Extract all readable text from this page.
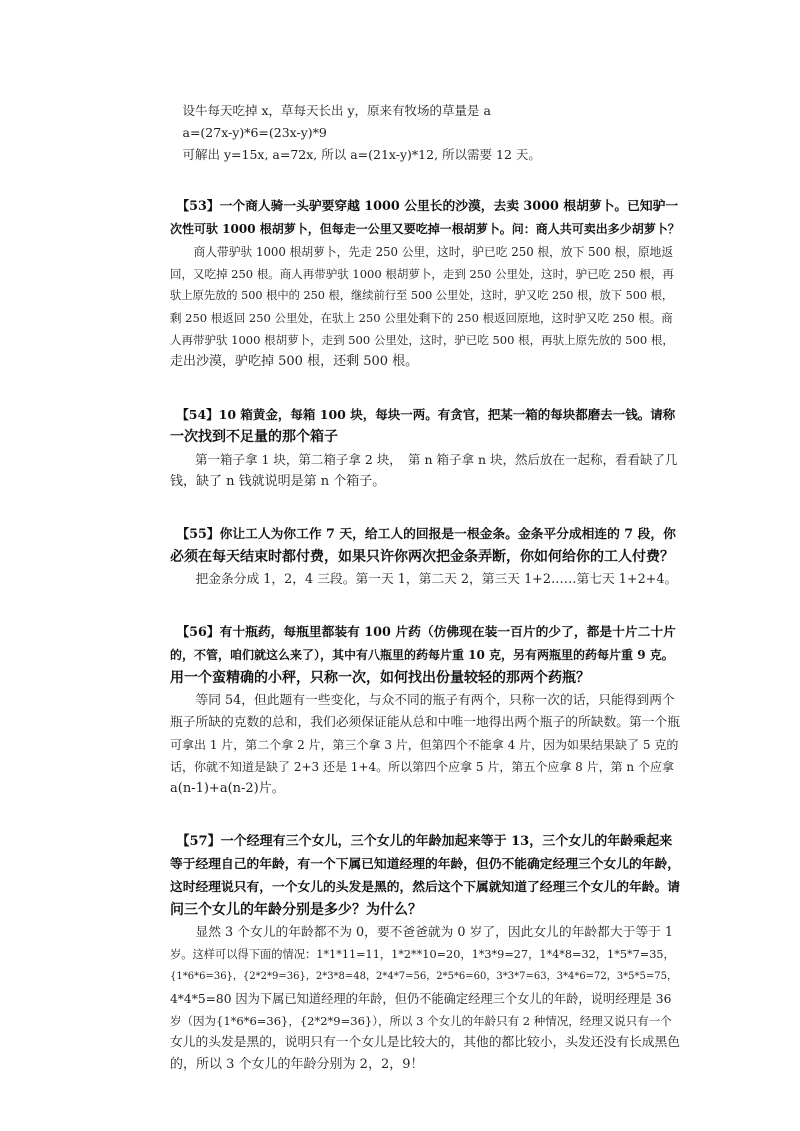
　设牛每天吃掉 x，草每天长出 y，原来有牧场的草量是 a
　a=(27x-y)*6=(23x-y)*9
　可解出 y=15x, a=72x, 所以 a=(21x-y)*12, 所以需要 12 天。
　【53】一个商人骑一头驴要穿越 1000 公里长的沙漠，去卖 3000 根胡萝卜。已知驴一
次性可驮 1000 根胡萝卜，但每走一公里又要吃掉一根胡萝卜。问：商人共可卖出多少胡萝卜？
　　商人带驴驮 1000 根胡萝卜，先走 250 公里，这时，驴已吃 250 根，放下 500 根，原地返
回，又吃掉 250 根。商人再带驴驮 1000 根胡萝卜，走到 250 公里处，这时，驴已吃 250 根，再
驮上原先放的 500 根中的 250 根，继续前行至 500 公里处，这时，驴又吃 250 根，放下 500 根，
剩 250 根返回 250 公里处，在驮上 250 公里处剩下的 250 根返回原地，这时驴又吃 250 根。商
人再带驴驮 1000 根胡萝卜，走到 500 公里处，这时，驴已吃 500 根，再驮上原先放的 500 根，
走出沙漠，驴吃掉 500 根，还剩 500 根。
　【54】10 箱黄金，每箱 100 块，每块一两。有贪官，把某一箱的每块都磨去一钱。请称
一次找到不足量的那个箱子
　　第一箱子拿 1 块，第二箱子拿 2 块，　第 n 箱子拿 n 块，然后放在一起称，看看缺了几
钱，缺了 n 钱就说明是第 n 个箱子。
　【55】你让工人为你工作 7 天，给工人的回报是一根金条。金条平分成相连的 7 段，你
必须在每天结束时都付费，如果只许你两次把金条弄断，你如何给你的工人付费？
　　把金条分成 1，2，4 三段。第一天 1，第二天 2，第三天 1+2……第七天 1+2+4。
　【56】有十瓶药，每瓶里都装有 100 片药（仿佛现在装一百片的少了，都是十片二十片
的，不管，咱们就这么来了），其中有八瓶里的药每片重 10 克，另有两瓶里的药每片重 9 克。
用一个蛮精确的小秤，只称一次，如何找出份量较轻的那两个药瓶？
　　等同 54，但此题有一些变化，与众不同的瓶子有两个，只称一次的话，只能得到两个
瓶子所缺的克数的总和，我们必须保证能从总和中唯一地得出两个瓶子的所缺数。第一个瓶
可拿出 1 片，第二个拿 2 片，第三个拿 3 片，但第四个不能拿 4 片，因为如果结果缺了 5 克的
话，你就不知道是缺了 2+3 还是 1+4。所以第四个应拿 5 片，第五个应拿 8 片，第 n 个应拿
a(n-1)+a(n-2)片。
　【57】一个经理有三个女儿，三个女儿的年龄加起来等于 13，三个女儿的年龄乘起来
等于经理自己的年龄，有一个下属已知道经理的年龄，但仍不能确定经理三个女儿的年龄，
这时经理说只有，一个女儿的头发是黑的，然后这个下属就知道了经理三个女儿的年龄。请
问三个女儿的年龄分别是多少？为什么？
　　显然 3 个女儿的年龄都不为 0，要不爸爸就为 0 岁了，因此女儿的年龄都大于等于 1
岁。这样可以得下面的情况：1*1*11=11，1*2**10=20，1*3*9=27，1*4*8=32，1*5*7=35，
{1*6*6=36}，{2*2*9=36}，2*3*8=48，2*4*7=56，2*5*6=60，3*3*7=63，3*4*6=72，3*5*5=75，
4*4*5=80 因为下属已知道经理的年龄，但仍不能确定经理三个女儿的年龄，说明经理是 36
岁（因为{1*6*6=36}，{2*2*9=36}），所以 3 个女儿的年龄只有 2 种情况，经理又说只有一个
女儿的头发是黑的，说明只有一个女儿是比较大的，其他的都比较小，头发还没有长成黑色
的，所以 3 个女儿的年龄分别为 2，2，9！
